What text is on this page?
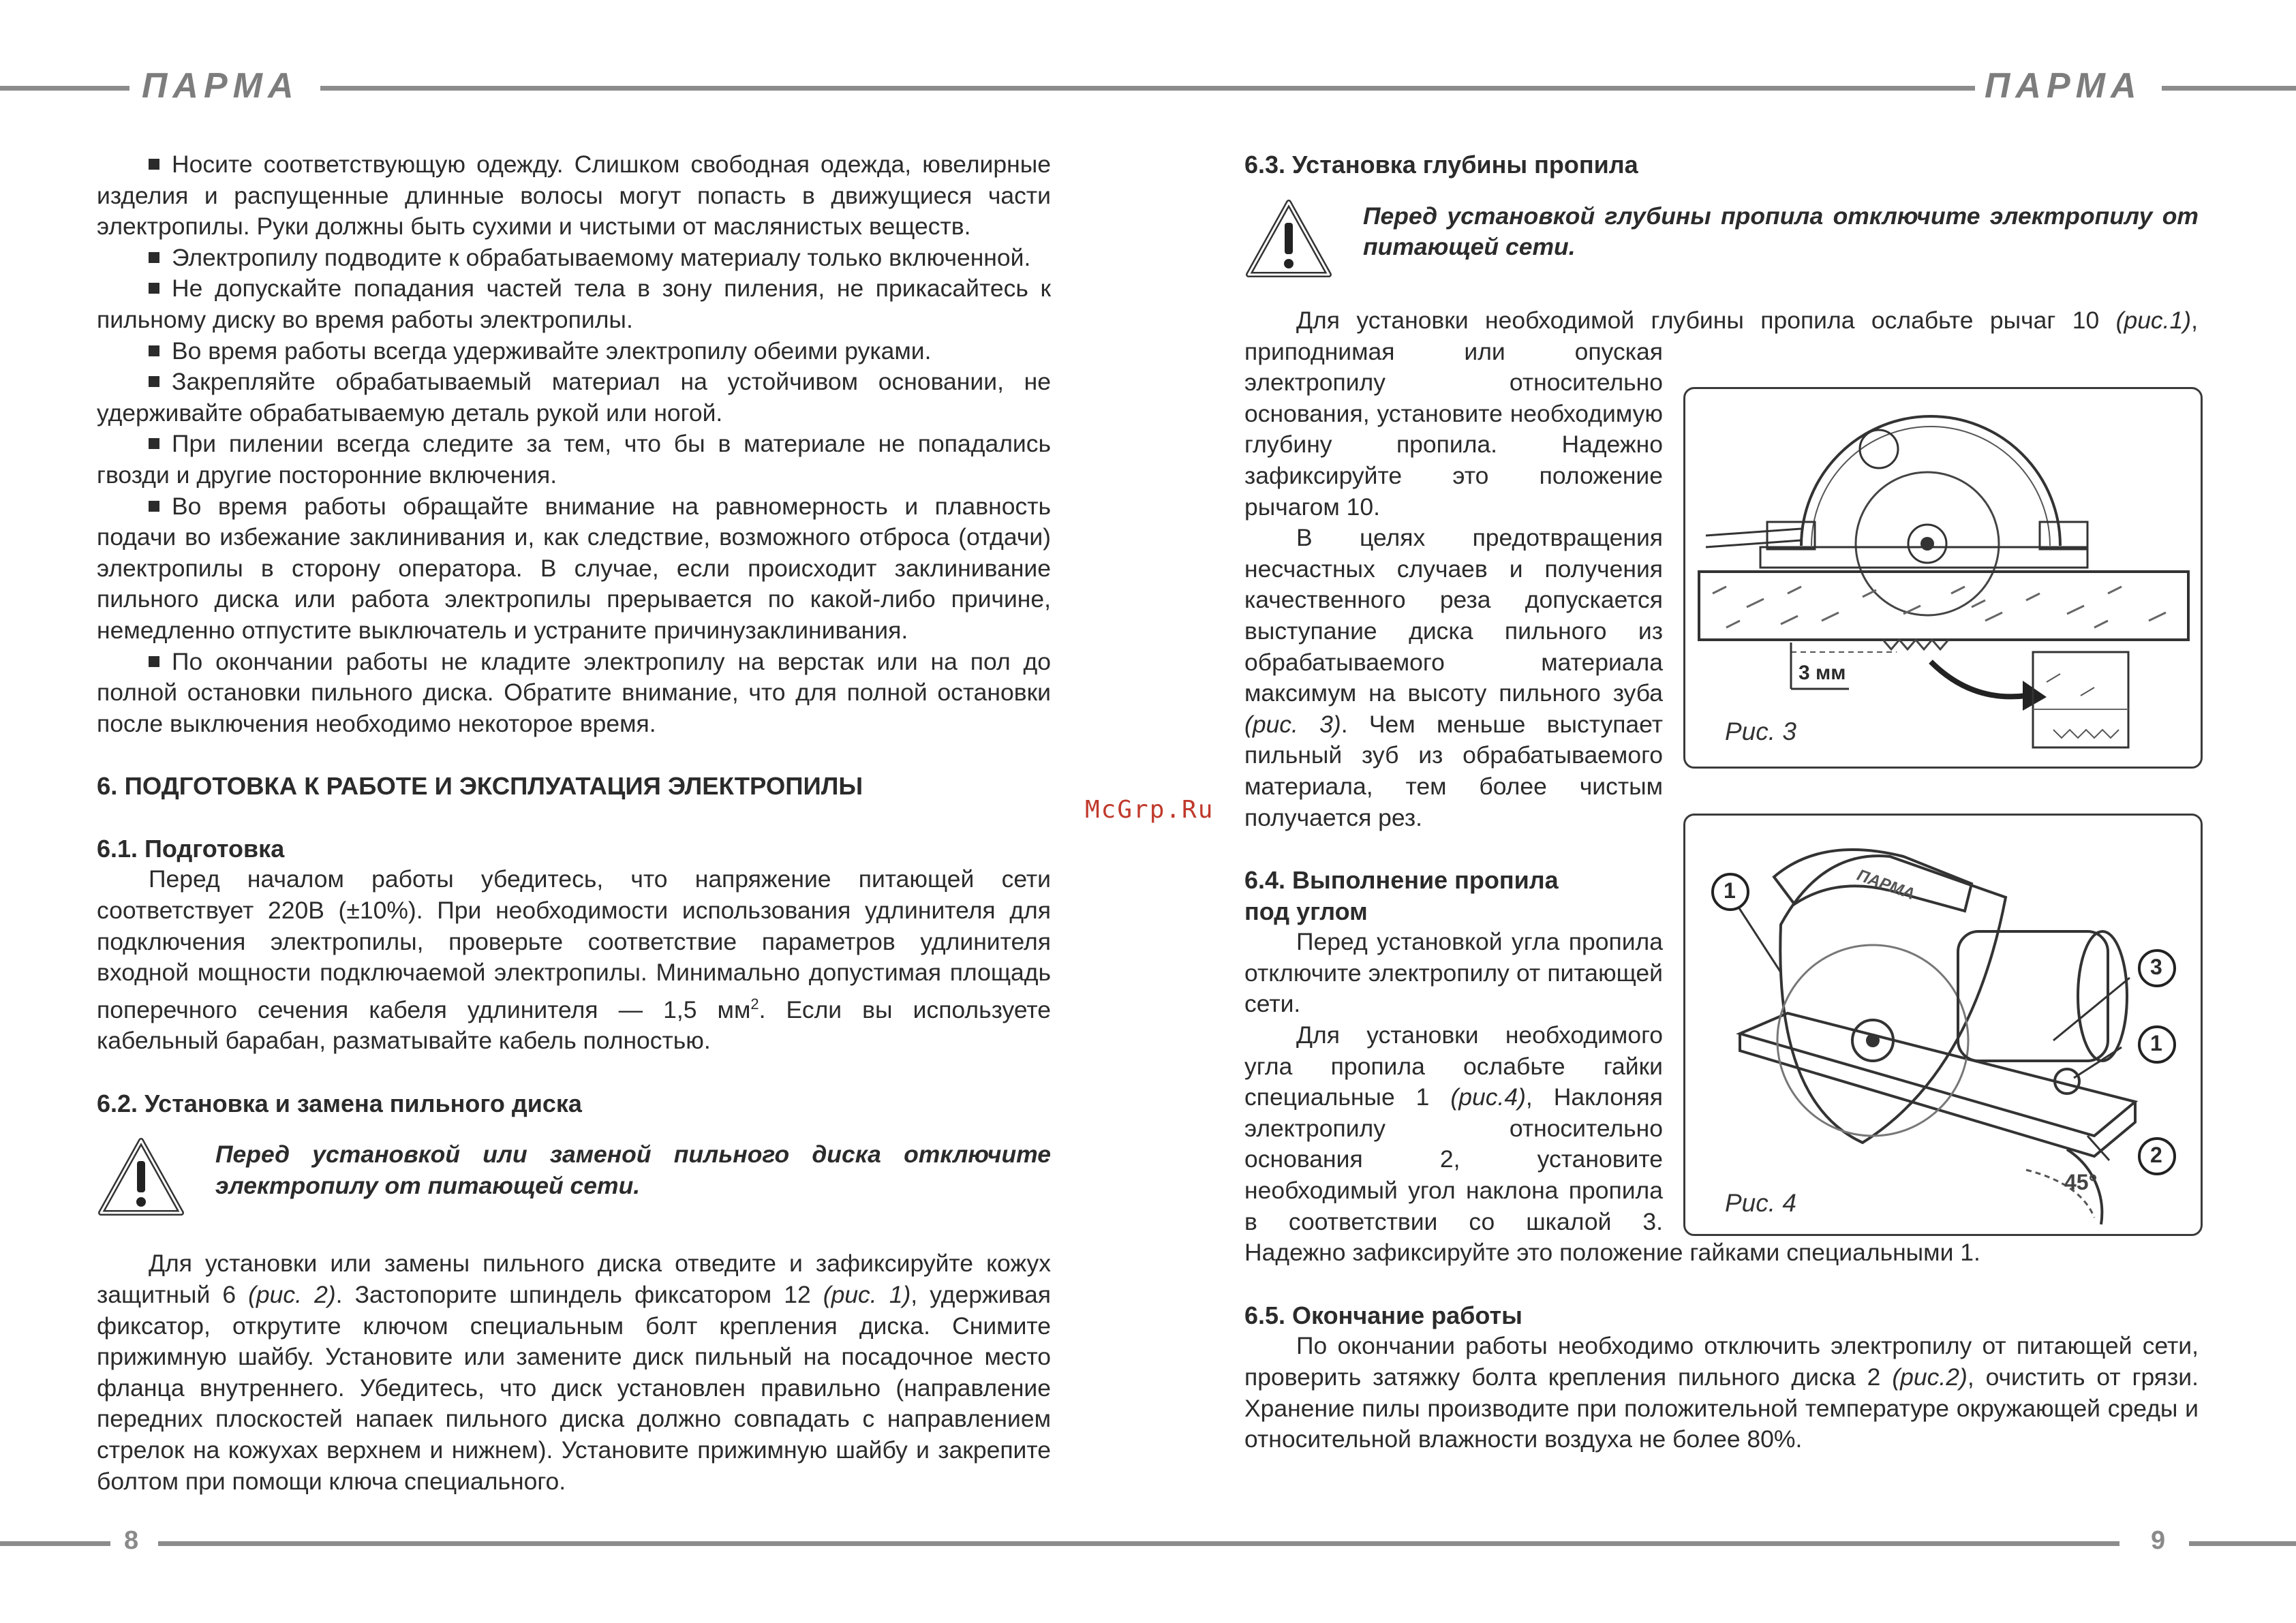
ПАРМА	ПАРМА
8	9
McGrp.Ru

Носите соответствующую одежду. Слишком свободная одежда, ювелирные изделия и распущенные длинные волосы могут попасть в движущиеся части электропилы. Руки должны быть сухими и чистыми от маслянистых веществ.

Электропилу подводите к обрабатываемому материалу только включенной.

Не допускайте попадания частей тела в зону пиления, не прикасайтесь к пильному диску во время работы электропилы.

Во время работы всегда удерживайте электропилу обеими руками.

Закрепляйте обрабатываемый материал на устойчивом основании, не удерживайте обрабатываемую деталь рукой или ногой.

При пилении всегда следите за тем, что бы в материале не попадались гвозди и другие посторонние включения.

Во время работы обращайте внимание на равномерность и плавность подачи во избежание заклинивания и, как следствие, возможного отброса (отдачи) электропилы в сторону оператора. В случае, если происходит заклинивание пильного диска или работа электропилы прерывается по какой-либо причине, немедленно отпустите выключатель и устраните причинузаклинивания.

По окончании работы не кладите электропилу на верстак или на пол до полной остановки пильного диска. Обратите внимание, что для полной остановки после выключения необходимо некоторое время.

6. ПОДГОТОВКА К РАБОТЕ И ЭКСПЛУАТАЦИЯ ЭЛЕКТРОПИЛЫ

6.1. Подготовка

Перед началом работы убедитесь, что напряжение питающей сети соответствует 220В (±10%). При необходимости использования удлинителя для подключения электропилы, проверьте соответствие параметров удлинителя входной мощности подключаемой электропилы. Минимально допустимая площадь поперечного сечения кабеля удлинителя — 1,5 $мм^2$. Если вы используете кабельный барабан, разматывайте кабель полностью.

6.2. Установка и замена пильного диска

Перед установкой или заменой пильного диска отключите электропилу от питающей сети.

Для установки или замены пильного диска отведите и зафиксируйте кожух защитный 6 (рис. 2). Застопорите шпиндель фиксатором 12 (рис. 1), удерживая фиксатор, открутите ключом специальным болт крепления диска. Снимите прижимную шайбу. Установите или замените диск пильный на посадочное место фланца внутреннего. Убедитесь, что диск установлен правильно (направление передних плоскостей напаек пильного диска должно совпадать с направлением стрелок на кожухах верхнем и нижнем). Установите прижимную шайбу и закрепите болтом при помощи ключа специального.

6.3. Установка глубины пропила

Перед установкой глубины пропила отключите электропилу от питающей сети.
3 мм
Рис. 3
ПАРМА
1
3
1
2
45°
Рис. 4

Для установки необходимой глубины пропила ослабьте рычаг 10 (рис.1), приподнимая или опуская электропилу относительно основания, установите необходимую глубину пропила. Надежно зафиксируйте это положение рычагом 10.

В целях предотвращения несчастных случаев и получения качественного реза допускается выступание диска пильного из обрабатываемого материала максимум на высоту пильного зуба (рис. 3). Чем меньше выступает пильный зуб из обрабатываемого материала, тем более чистым получается рез.

6.4. Выполнение пропила
под углом

Перед установкой угла пропила отключите электропилу от питающей сети.

Для установки необходимого угла пропила ослабьте гайки специальные 1 (рис.4), Наклоняя электропилу относительно основания 2, установите необходимый угол наклона пропила в соответствии со шкалой 3. Надежно зафиксируйте это положение гайками специальными 1.

6.5. Окончание работы

По окончании работы необходимо отключить электропилу от питающей сети, проверить затяжку болта крепления пильного диска 2 (рис.2), очистить от грязи. Хранение пилы производите при положительной температуре окружающей среды и относительной влажности воздуха не более 80%.
